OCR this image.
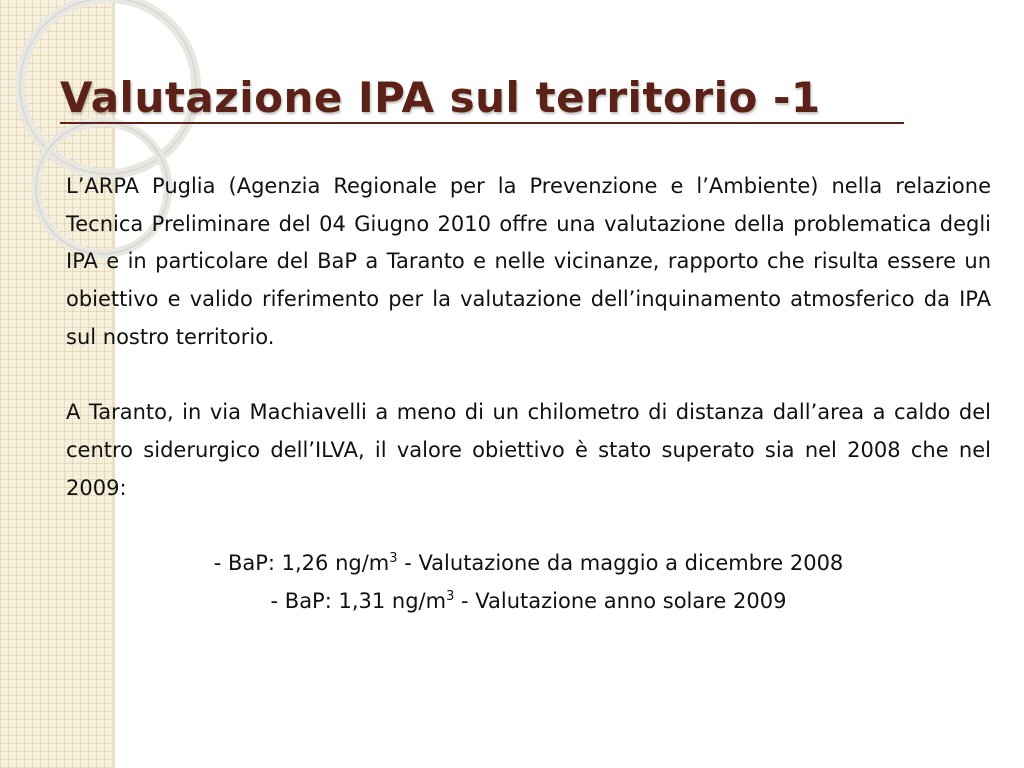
Valutazione IPA sul territorio -1

L’ARPA Puglia (Agenzia Regionale per la Prevenzione e l’Ambiente) nella relazione Tecnica Preliminare del 04 Giugno 2010 offre una valutazione della problematica degli IPA e in particolare del BaP a Taranto e nelle vicinanze, rapporto che risulta essere un obiettivo e valido riferimento per la valutazione dell’inquinamento atmosferico da IPA sul nostro territorio.

A Taranto, in via Machiavelli a meno di un chilometro di distanza dall’area a caldo del centro siderurgico dell’ILVA, il valore obiettivo è stato superato sia nel 2008 che nel 2009:

- BaP: 1,26 $ng/m^3$ - Valutazione da maggio a dicembre 2008

- BaP: 1,31 $ng/m^3$ - Valutazione anno solare 2009
